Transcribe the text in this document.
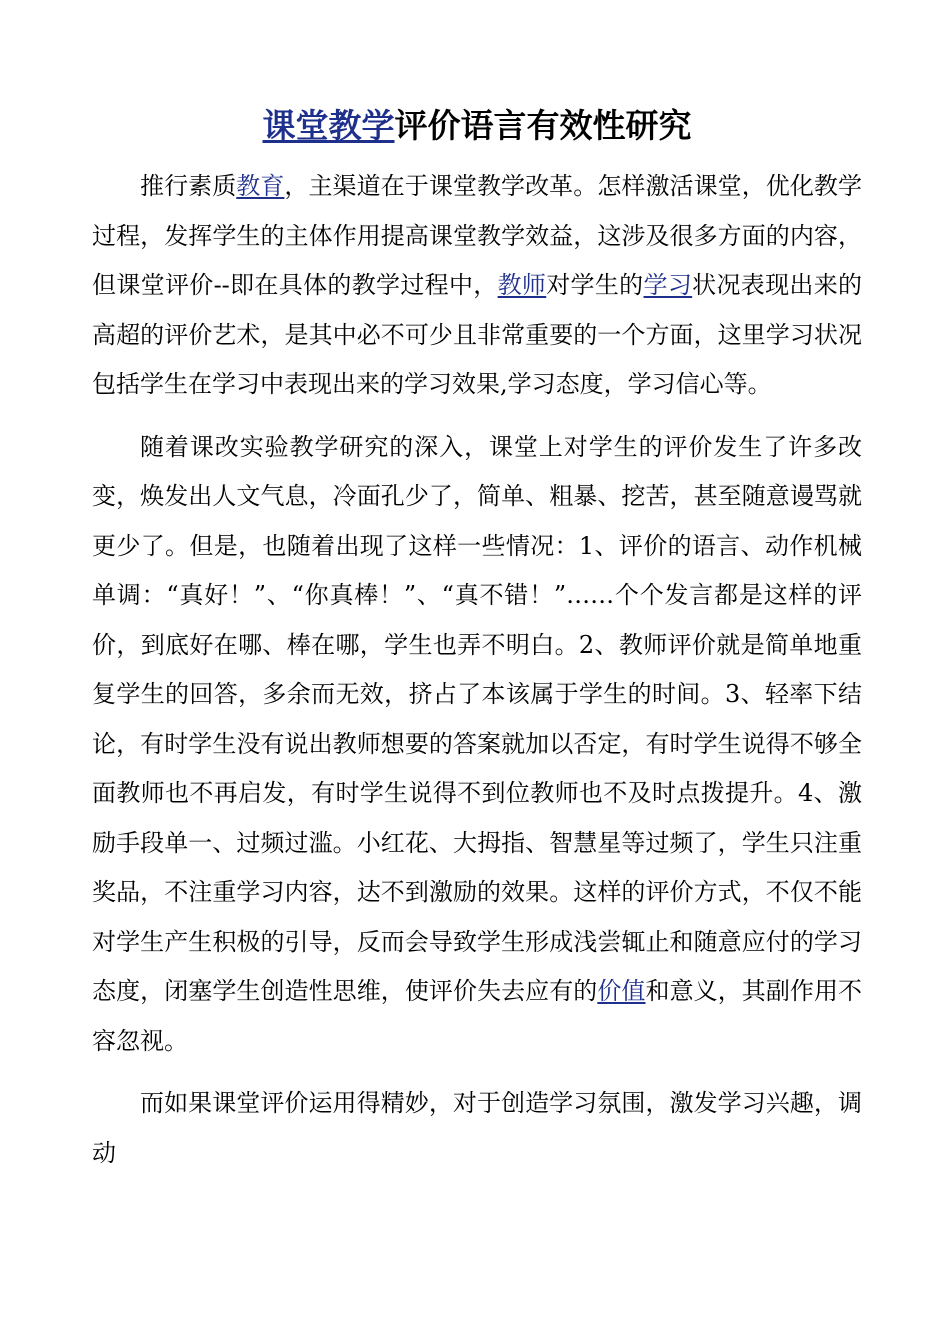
课堂教学评价语言有效性研究

推行素质教育，主渠道在于课堂教学改革。怎样激活课堂，优化教学过程，发挥学生的主体作用提高课堂教学效益，这涉及很多方面的内容，但课堂评价--即在具体的教学过程中，教师对学生的学习状况表现出来的高超的评价艺术，是其中必不可少且非常重要的一个方面，这里学习状况包括学生在学习中表现出来的学习效果,学习态度，学习信心等。

随着课改实验教学研究的深入，课堂上对学生的评价发生了许多改变，焕发出人文气息，冷面孔少了，简单、粗暴、挖苦，甚至随意谩骂就更少了。但是，也随着出现了这样一些情况：1、评价的语言、动作机械单调：“真好！”、“你真棒！”、“真不错！”……个个发言都是这样的评价，到底好在哪、棒在哪，学生也弄不明白。2、教师评价就是简单地重复学生的回答，多余而无效，挤占了本该属于学生的时间。3、轻率下结论，有时学生没有说出教师想要的答案就加以否定，有时学生说得不够全面教师也不再启发，有时学生说得不到位教师也不及时点拨提升。4、激励手段单一、过频过滥。小红花、大拇指、智慧星等过频了，学生只注重奖品，不注重学习内容，达不到激励的效果。这样的评价方式，不仅不能对学生产生积极的引导，反而会导致学生形成浅尝辄止和随意应付的学习态度，闭塞学生创造性思维，使评价失去应有的价值和意义，其副作用不容忽视。

而如果课堂评价运用得精妙，对于创造学习氛围，激发学习兴趣，调动
